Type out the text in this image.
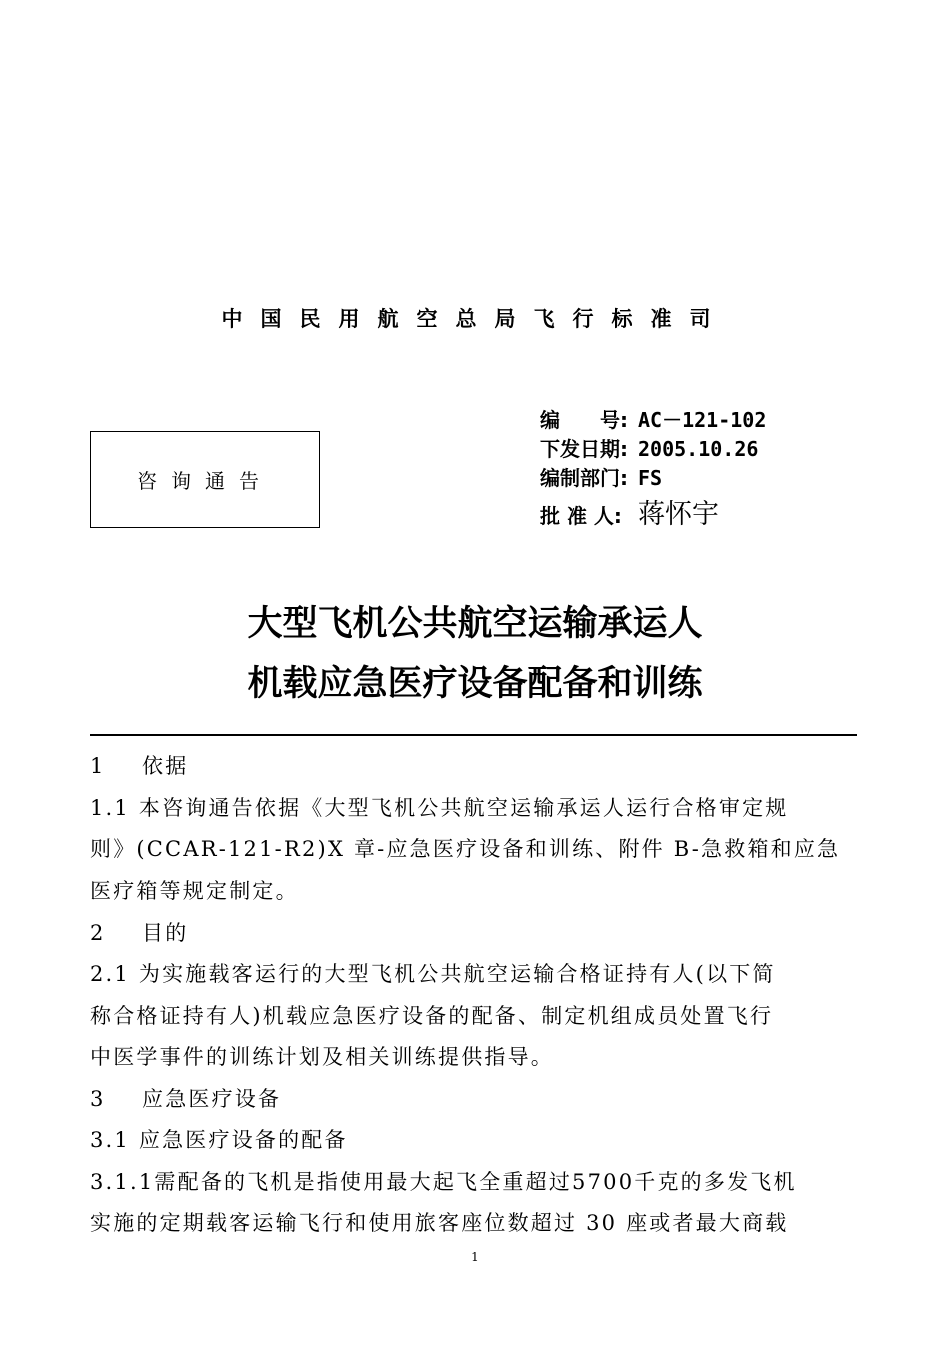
中国民用航空总局飞行标准司
咨询通告
编　　号: AC－121-102
下发日期: 2005.10.26
编制部门: FS
批 准 人: 蒋怀宇
大型飞机公共航空运输承运人
机载应急医疗设备配备和训练
1 依据
1.1 本咨询通告依据《大型飞机公共航空运输承运人运行合格审定规
则》(CCAR-121-R2)X 章-应急医疗设备和训练、附件 B-急救箱和应急
医疗箱等规定制定。
2 目的
2.1 为实施载客运行的大型飞机公共航空运输合格证持有人(以下简
称合格证持有人)机载应急医疗设备的配备、制定机组成员处置飞行
中医学事件的训练计划及相关训练提供指导。
3 应急医疗设备
3.1 应急医疗设备的配备
3.1.1需配备的飞机是指使用最大起飞全重超过5700千克的多发飞机
实施的定期载客运输飞行和使用旅客座位数超过 30 座或者最大商载
1
